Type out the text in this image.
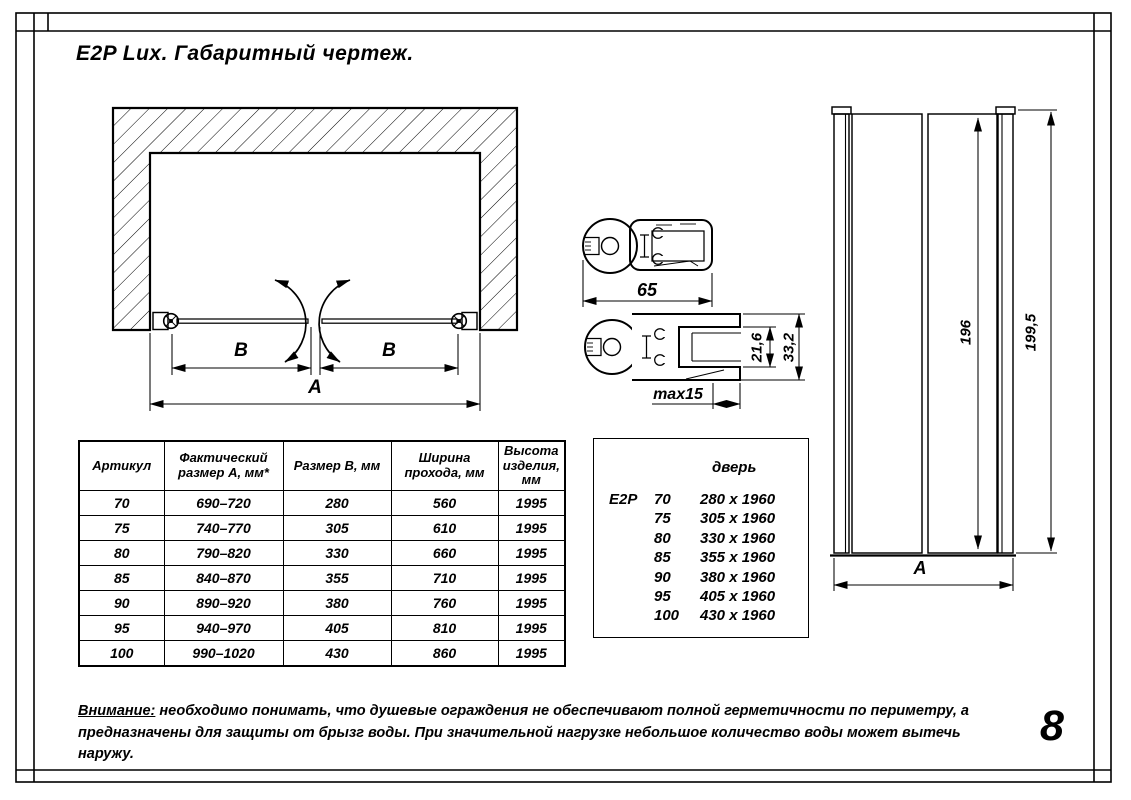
E2P Lux. Габаритный чертеж.
B	B
A
65
21,6 33,2
max15
196	199,5
A
Артикул	Фактический размер А, мм*	Размер В, мм	Ширина прохода, мм	Высота изделия, мм
70	690–720	280	560	1995
75	740–770	305	610	1995
80	790–820	330	660	1995
85	840–870	355	710	1995
90	890–920	380	760	1995
95	940–970	405	810	1995
100	990–1020	430	860	1995
дверь
E2P	70	280 x 1960
75	305 x 1960
80	330 x 1960
85	355 x 1960
90	380 x 1960
95	405 x 1960
100	430 x 1960
Внимание: необходимо понимать, что душевые ограждения не обеспечивают полной герметичности по периметру, а предназначены для защиты от брызг воды. При значительной нагрузке небольшое количество воды может вытечь наружу.
8
